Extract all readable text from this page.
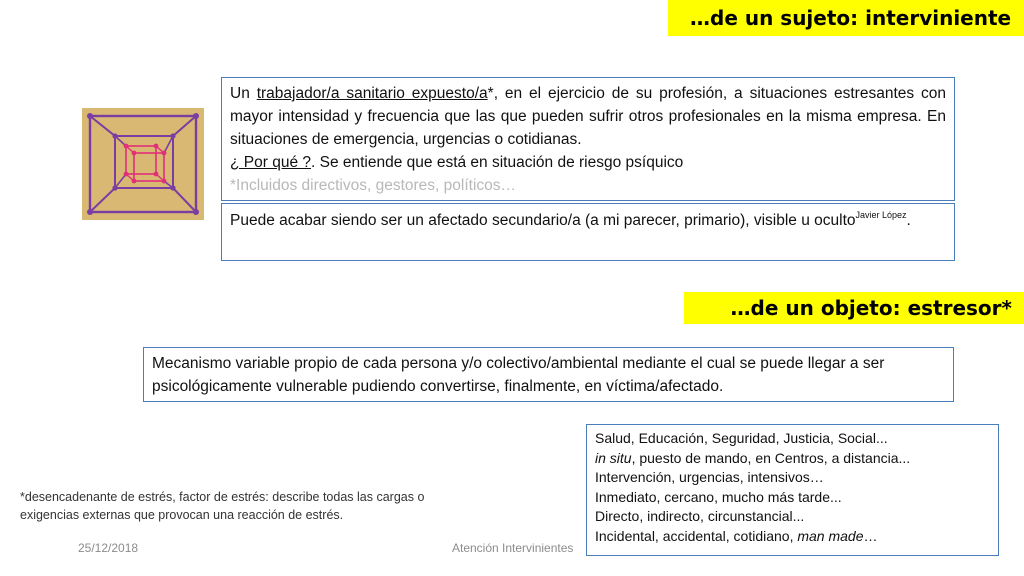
…de un sujeto: interviniente
Un trabajador/a sanitario expuesto/a*, en el ejercicio de su profesión, a situaciones estresantes con mayor intensidad y frecuencia que las que pueden sufrir otros profesionales en la misma empresa. En situaciones de emergencia, urgencias o cotidianas.
¿ Por qué ?. Se entiende que está en situación de riesgo psíquico
*Incluidos directivos, gestores, políticos…
Puede acabar siendo ser un afectado secundario/a (a mi parecer, primario), visible u oculto$^{Javier López}$.
…de un objeto: estresor*
Mecanismo variable propio de cada persona y/o colectivo/ambiental mediante el cual se puede llegar a ser psicológicamente vulnerable pudiendo convertirse, finalmente, en víctima/afectado.
Salud, Educación, Seguridad, Justicia, Social...
in situ, puesto de mando, en Centros, a distancia...
Intervención, urgencias, intensivos…
Inmediato, cercano, mucho más tarde...
Directo, indirecto, circunstancial...
Incidental, accidental, cotidiano, man made…
*desencadenante de estrés, factor de estrés: describe todas las cargas o exigencias externas que provocan una reacción de estrés.
25/12/2018	Atención Intervinientes
